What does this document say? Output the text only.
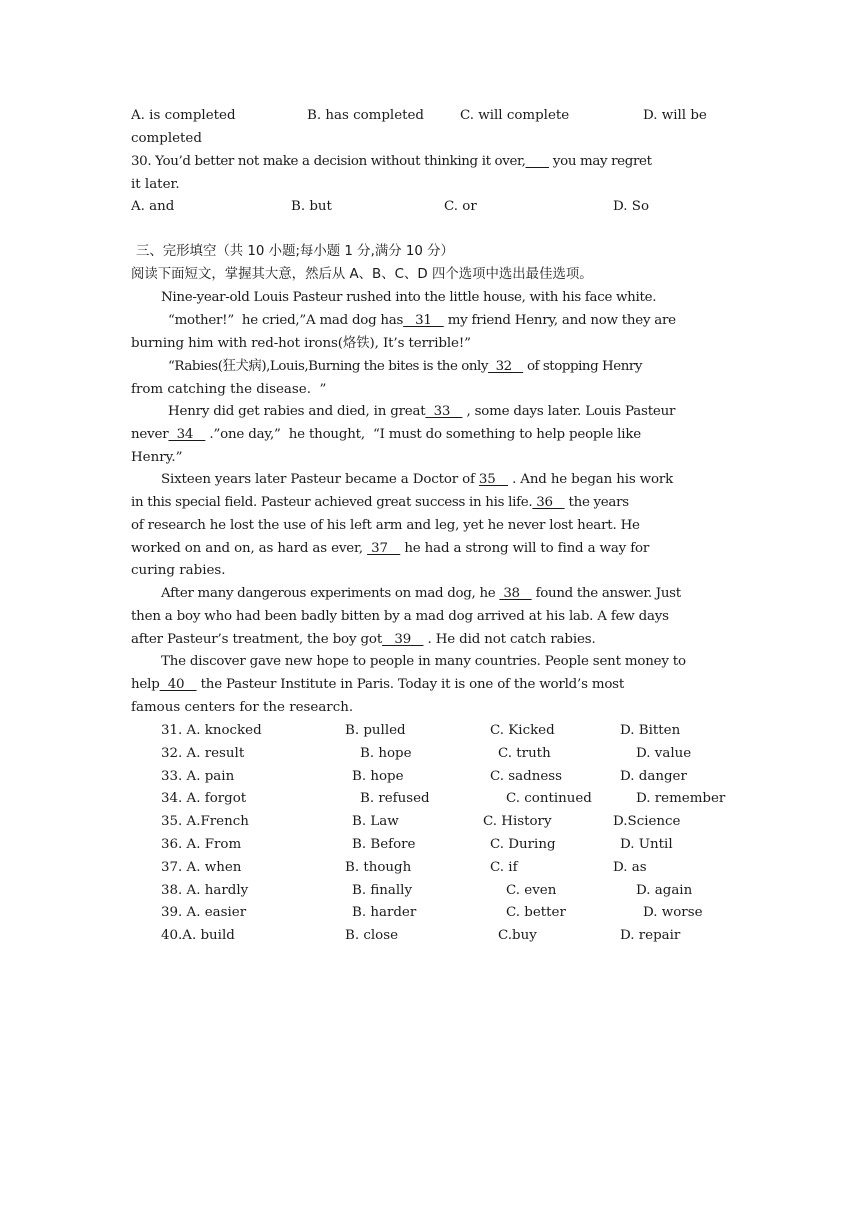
A. is completed	B. has completed	C. will complete	D. will be
completed
30. You’d better not make a decision without thinking it over,       you may regret
it later.
A. and	B. but	C. or	D. So
三、完形填空（共 10 小题;每小题 1 分,满分 10 分）
阅读下面短文，掌握其大意，然后从 A、B、C、D 四个选项中选出最佳选项。
Nine-year-old Louis Pasteur rushed into the little house, with his face white.
“mother!”  he cried,”A mad dog has   31    my friend Henry, and now they are
burning him with red-hot irons(烙铁), It’s terrible!”
“Rabies(狂犬病),Louis,Burning the bites is the only  32    of stopping Henry
from catching the disease.  ”
Henry did get rabies and died, in great  33    , some days later. Louis Pasteur
never  34    .”one day,”  he thought,  “I must do something to help people like
Henry.”
Sixteen years later Pasteur became a Doctor of 35    . And he began his work
in this special field. Pasteur achieved great success in his life. 36    the years
of research he lost the use of his left arm and leg, yet he never lost heart. He
worked on and on, as hard as ever,  37    he had a strong will to find a way for
curing rabies.
After many dangerous experiments on mad dog, he  38    found the answer. Just
then a boy who had been badly bitten by a mad dog arrived at his lab. A few days
after Pasteur’s treatment, the boy got   39    . He did not catch rabies.
The discover gave new hope to people in many countries. People sent money to
help  40    the Pasteur Institute in Paris. Today it is one of the world’s most
famous centers for the research.
31. A. knocked	B. pulled	C. Kicked	D. Bitten
32. A. result	B. hope	C. truth	D. value
33. A. pain	B. hope	C. sadness	D. danger
34. A. forgot	B. refused	C. continued	D. remember
35. A.French	B. Law	C. History	D.Science
36. A. From	B. Before	C. During	D. Until
37. A. when	B. though	C. if	D. as
38. A. hardly	B. finally	C. even	D. again
39. A. easier	B. harder	C. better	D. worse
40.A. build	B. close	C.buy	D. repair
